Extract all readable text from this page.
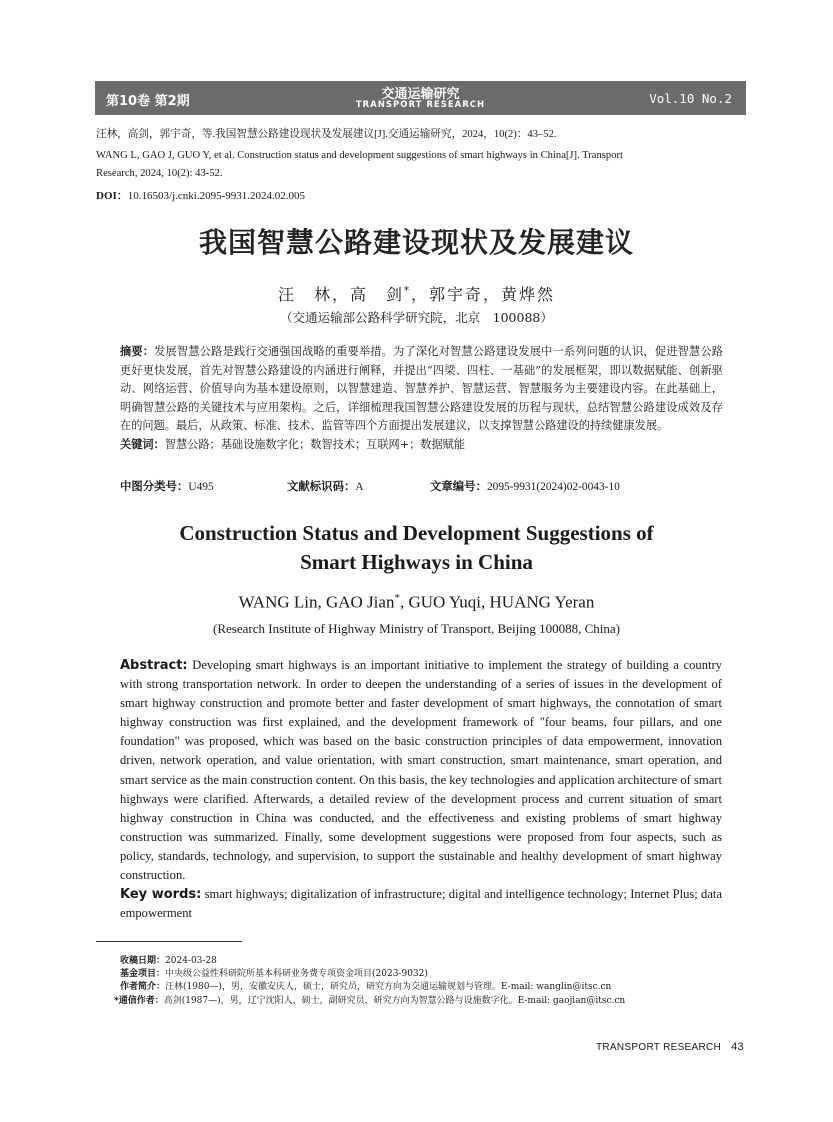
第10卷 第2期	交通运输研究
TRANSPORT RESEARCH	Vol.10 No.2
汪林，高剑，郭宇奇，等.我国智慧公路建设现状及发展建议[J].交通运输研究，2024，10(2)：43–52.
WANG L, GAO J, GUO Y, et al. Construction status and development suggestions of smart highways in China[J]. Transport
Research, 2024, 10(2): 43-52.
DOI：10.16503/j.cnki.2095-9931.2024.02.005
我国智慧公路建设现状及发展建议
汪　林，高　剑*，郭宇奇，黄烨然
（交通运输部公路科学研究院，北京　100088）
摘要：发展智慧公路是践行交通强国战略的重要举措。为了深化对智慧公路建设发展中一系列问题的认识，促进智慧公路更好更快发展，首先对智慧公路建设的内涵进行阐释，并提出“四梁、四柱、一基础”的发展框架，即以数据赋能、创新驱动、网络运营、价值导向为基本建设原则，以智慧建造、智慧养护、智慧运营、智慧服务为主要建设内容。在此基础上，明确智慧公路的关键技术与应用架构。之后，详细梳理我国智慧公路建设发展的历程与现状，总结智慧公路建设成效及存在的问题。最后，从政策、标准、技术、监管等四个方面提出发展建议，以支撑智慧公路建设的持续健康发展。
关键词：智慧公路；基础设施数字化；数智技术；互联网+；数据赋能
中图分类号：U495	文献标识码：A	文章编号：2095-9931(2024)02-0043-10
Construction Status and Development Suggestions of
Smart Highways in China
WANG Lin, GAO Jian*, GUO Yuqi, HUANG Yeran
(Research Institute of Highway Ministry of Transport, Beijing 100088, China)
Abstract: Developing smart highways is an important initiative to implement the strategy of building a country with strong transportation network. In order to deepen the understanding of a series of issues in the development of smart highway construction and promote better and faster development of smart highways, the connotation of smart highway construction was first explained, and the development framework of "four beams, four pillars, and one foundation" was proposed, which was based on the basic construction principles of data empowerment, innovation driven, network operation, and value orientation, with smart construction, smart maintenance, smart operation, and smart service as the main construction content. On this basis, the key technologies and application architecture of smart highways were clarified. Afterwards, a detailed review of the development process and current situation of smart highway construction in China was conducted, and the effectiveness and existing problems of smart highway construction was summarized. Finally, some development suggestions were proposed from four aspects, such as policy, standards, technology, and supervision, to support the sustainable and healthy development of smart highway construction.
Key words: smart highways; digitalization of infrastructure; digital and intelligence technology; Internet Plus; data empowerment
收稿日期：2024-03-28
基金项目：中央级公益性科研院所基本科研业务费专项资金项目(2023-9032)
作者简介：汪林(1980—)，男，安徽安庆人，硕士，研究员，研究方向为交通运输规划与管理。E-mail: wanglin@itsc.cn
*通信作者：高剑(1987—)，男，辽宁沈阳人，硕士，副研究员，研究方向为智慧公路与设施数字化。E-mail: gaojian@itsc.cn
TRANSPORT RESEARCH 43
